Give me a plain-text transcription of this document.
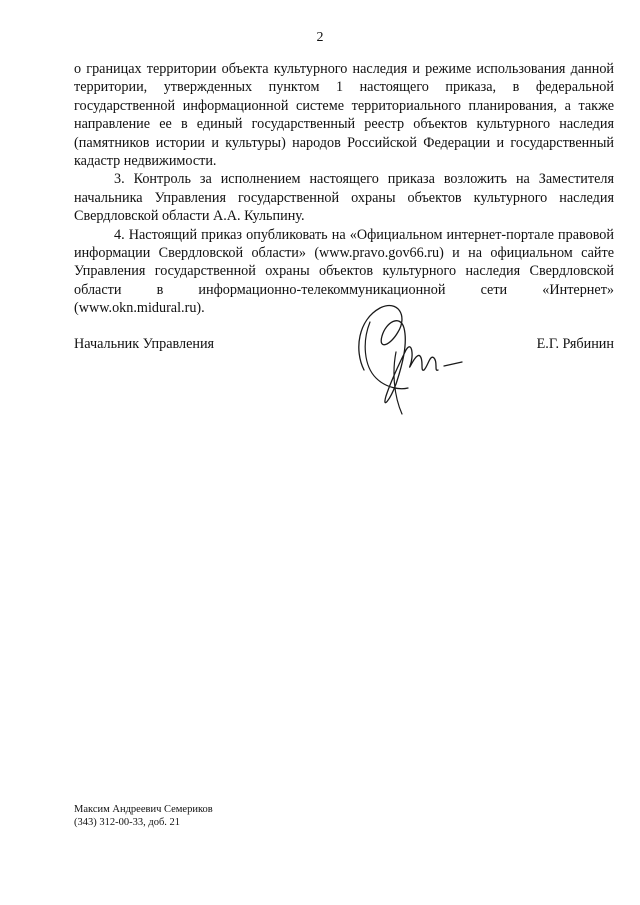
2

о границах территории объекта культурного наследия и режиме использования данной территории, утвержденных пунктом 1 настоящего приказа, в федеральной государственной информационной системе территориального планирования, а также направление ее в единый государственный реестр объектов культурного наследия (памятников истории и культуры) народов Российской Федерации и государственный кадастр недвижимости.

3. Контроль за исполнением настоящего приказа возложить на Заместителя начальника Управления государственной охраны объектов культурного наследия Свердловской области А.А. Кульпину.

4. Настоящий приказ опубликовать на «Официальном интернет-портале правовой информации Свердловской области» (www.pravo.gov66.ru) и на официальном сайте Управления государственной охраны объектов культурного наследия Свердловской области в информационно-телекоммуникационной сети «Интернет» (www.okn.midural.ru).

Начальник Управления	Е.Г. Рябинин
Максим Андреевич Семериков
(343) 312-00-33, доб. 21
